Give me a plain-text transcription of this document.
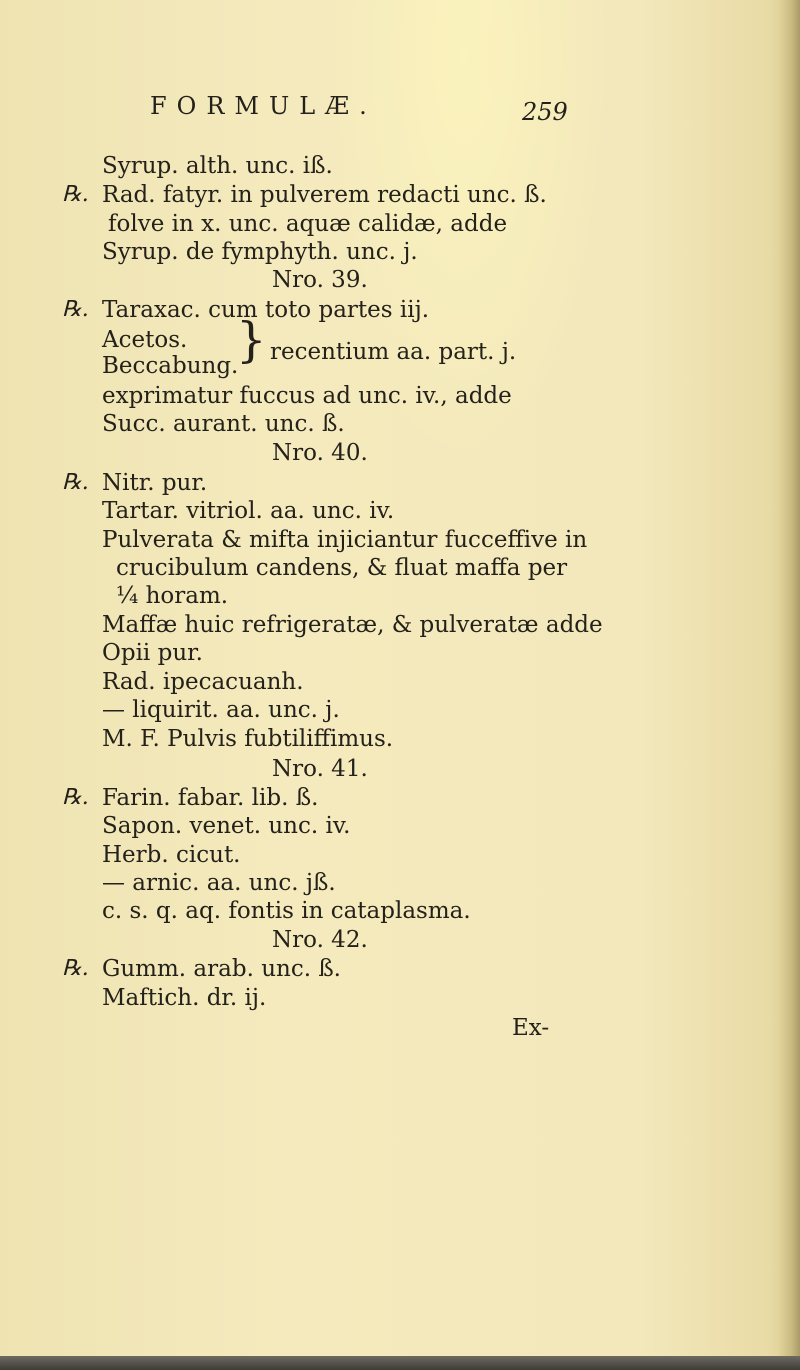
FORMULÆ.	259
Syrup. alth. unc. iß.
℞. Rad. fatyr. in pulverem redacti unc. ß.
folve in x. unc. aquæ calidæ, adde
Syrup. de fymphyth. unc. j.
Nro. 39.
℞. Taraxac. cum toto partes iij.
Acetos.
Beccabung.
} recentium aa. part. j.
exprimatur fuccus ad unc. iv., adde
Succ. aurant. unc. ß.
Nro. 40.
℞. Nitr. pur.
Tartar. vitriol. aa. unc. iv.
Pulverata & mifta injiciantur fucceffive in
crucibulum candens, & fluat maffa per
¼ horam.
Maffæ huic refrigeratæ, & pulveratæ adde
Opii pur.
Rad. ipecacuanh.
— liquirit. aa. unc. j.
M. F. Pulvis fubtiliffimus.
Nro. 41.
℞. Farin. fabar. lib. ß.
Sapon. venet. unc. iv.
Herb. cicut.
— arnic. aa. unc. jß.
c. s. q. aq. fontis in cataplasma.
Nro. 42.
℞. Gumm. arab. unc. ß.
Maftich. dr. ij.
Ex-
